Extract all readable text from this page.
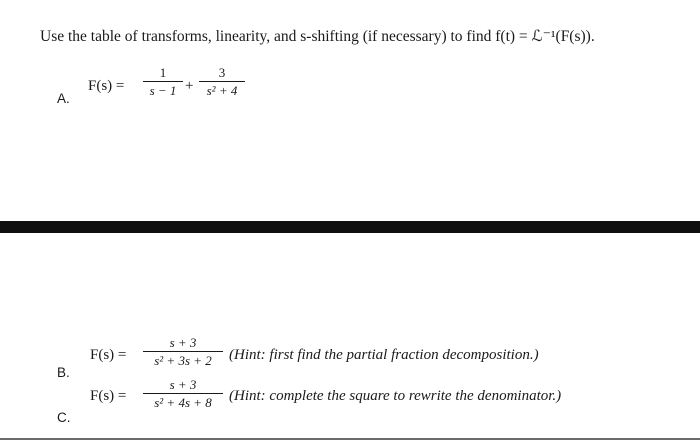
Use the table of transforms, linearity, and s-shifting (if necessary) to find f(t) = ℒ⁻¹(F(s)).
A.
F(s) =
1
s − 1 +
3
s² + 4
B.
F(s) =
s + 3
s² + 3s + 2	(Hint: first find the partial fraction decomposition.)
C.
F(s) =
s + 3
s² + 4s + 8	(Hint: complete the square to rewrite the denominator.)
